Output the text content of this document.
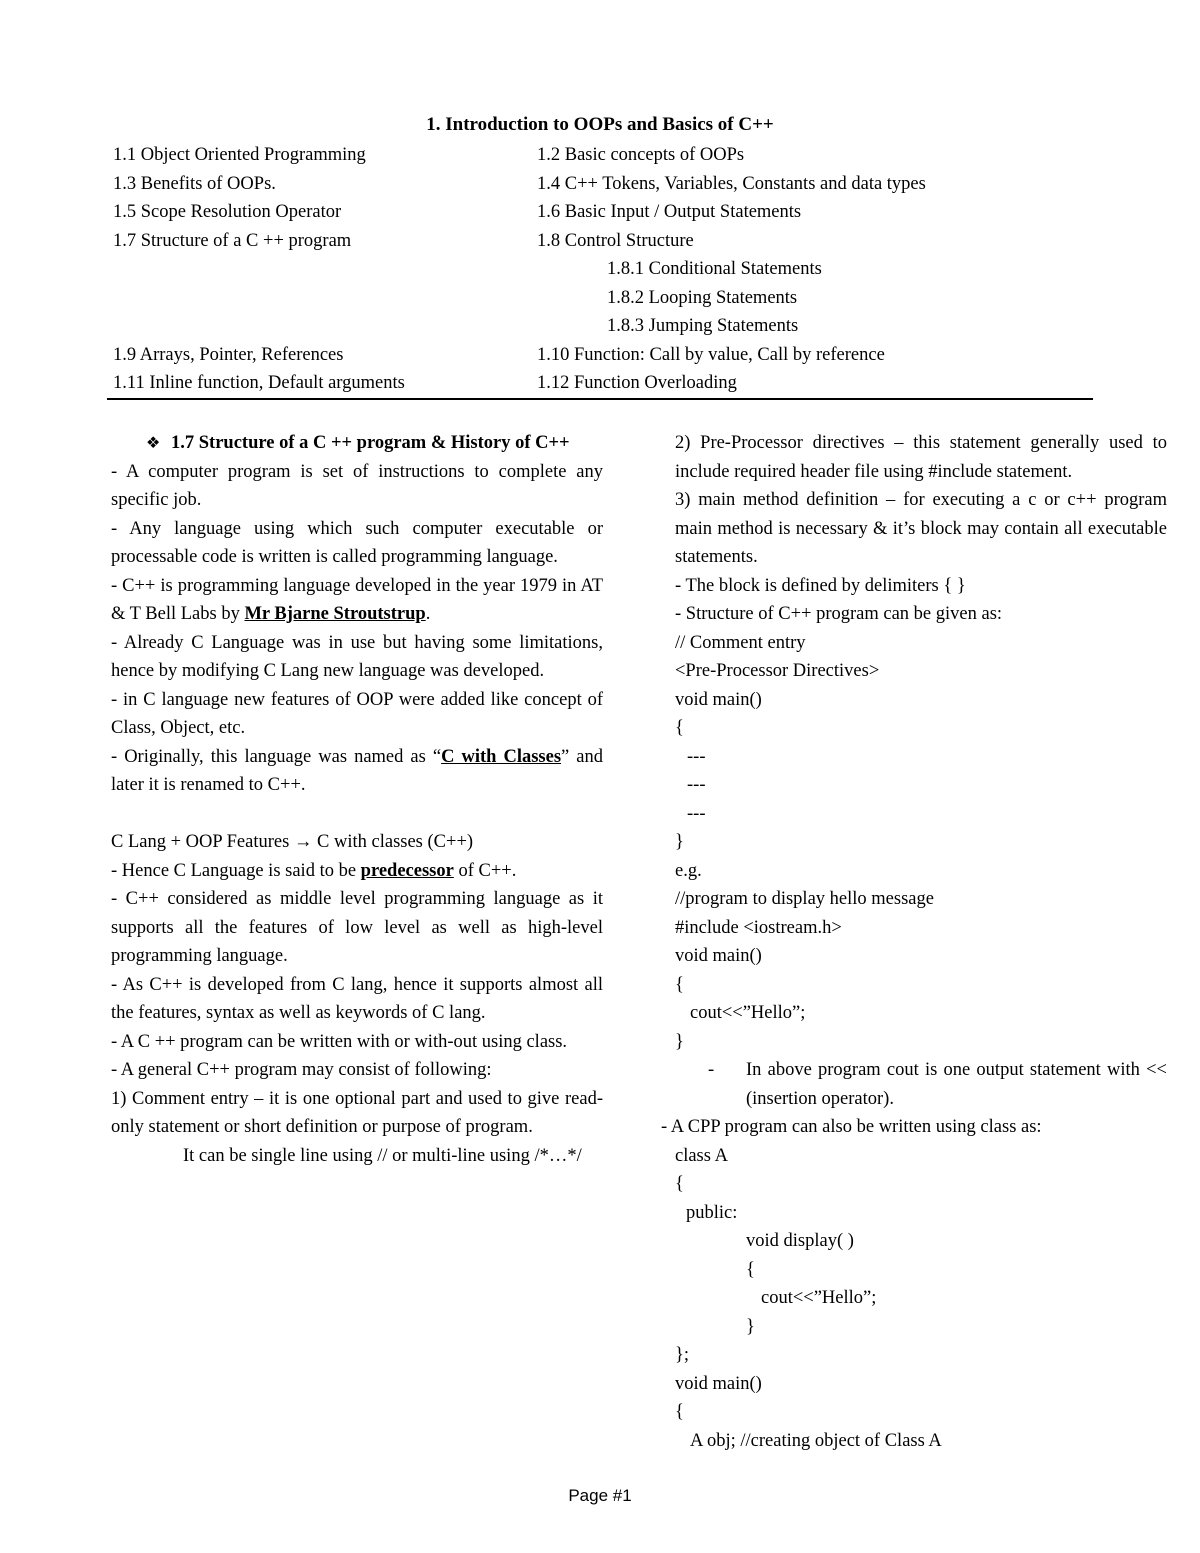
1. Introduction to OOPs and Basics of C++
1.1 Object Oriented Programming	1.2 Basic concepts of OOPs
1.3 Benefits of OOPs.	1.4 C++ Tokens, Variables, Constants and data types
1.5 Scope Resolution Operator	1.6 Basic Input / Output Statements
1.7 Structure of a C ++ program	1.8 Control Structure
1.8.1 Conditional Statements
1.8.2 Looping Statements
1.8.3 Jumping Statements
1.9 Arrays, Pointer, References	1.10 Function: Call by value, Call by reference
1.11 Inline function, Default arguments	1.12 Function Overloading
❖ 1.7 Structure of a C ++ program & History of C++
- A computer program is set of instructions to complete any specific job.
- Any language using which such computer executable or processable code is written is called programming language.
- C++ is programming language developed in the year 1979 in AT & T Bell Labs by Mr Bjarne Stroutstrup.
- Already C Language was in use but having some limitations, hence by modifying C Lang new language was developed.
- in C language new features of OOP were added like concept of Class, Object, etc.
- Originally, this language was named as “C with Classes” and later it is renamed to C++.
C Lang + OOP Features → C with classes (C++)
- Hence C Language is said to be predecessor of C++.
- C++ considered as middle level programming language as it supports all the features of low level as well as high-level programming language.
- As C++ is developed from C lang, hence it supports almost all the features, syntax as well as keywords of C lang.
- A C ++ program can be written with or with-out using class.
- A general C++ program may consist of following:
1) Comment entry – it is one optional part and used to give read-only statement or short definition or purpose of program.
It can be single line using // or multi-line using /*…*/
2) Pre-Processor directives – this statement generally used to include required header file using #include statement.
3) main method definition – for executing a c or c++ program main method is necessary & it’s block may contain all executable statements.
- The block is defined by delimiters { }
- Structure of C++ program can be given as:
// Comment entry
<Pre-Processor Directives>
void main()
{
---
---
---
}
e.g.
//program to display hello message
#include <iostream.h>
void main()
{
cout<<”Hello”;
}
- In above program cout is one output statement with << (insertion operator).
- A CPP program can also be written using class as:
class A
{
public:
void display( )
{
cout<<”Hello”;
}
};
void main()
{
A obj; //creating object of Class A
Page #1
